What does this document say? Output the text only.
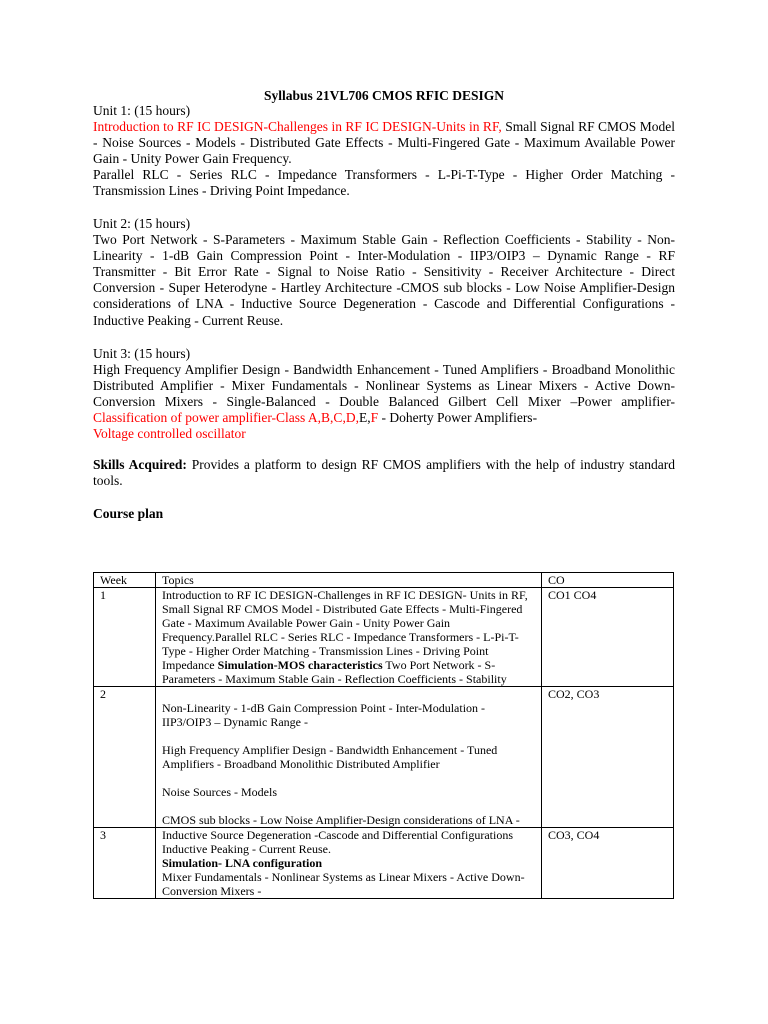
Syllabus 21VL706 CMOS RFIC DESIGN
Unit 1: (15 hours)

Introduction to RF IC DESIGN-Challenges in RF IC DESIGN-Units in RF, Small Signal RF CMOS Model - Noise Sources - Models - Distributed Gate Effects - Multi-Fingered Gate - Maximum Available Power Gain - Unity Power Gain Frequency.

Parallel RLC - Series RLC - Impedance Transformers - L-Pi-T-Type - Higher Order Matching - Transmission Lines - Driving Point Impedance.

Unit 2: (15 hours)

Two Port Network - S-Parameters - Maximum Stable Gain - Reflection Coefficients - Stability - Non-Linearity - 1-dB Gain Compression Point - Inter-Modulation - IIP3/OIP3 – Dynamic Range - RF Transmitter - Bit Error Rate - Signal to Noise Ratio - Sensitivity - Receiver Architecture - Direct Conversion - Super Heterodyne - Hartley Architecture -CMOS sub blocks - Low Noise Amplifier-Design considerations of LNA - Inductive Source Degeneration - Cascode and Differential Configurations - Inductive Peaking - Current Reuse.

Unit 3: (15 hours)

High Frequency Amplifier Design - Bandwidth Enhancement - Tuned Amplifiers - Broadband Monolithic Distributed Amplifier - Mixer Fundamentals - Nonlinear Systems as Linear Mixers - Active Down-Conversion Mixers - Single-Balanced - Double Balanced Gilbert Cell Mixer –Power amplifier-Classification of power amplifier-Class A,B,C,D,E,F - Doherty Power Amplifiers-
Voltage controlled oscillator

Skills Acquired: Provides a platform to design RF CMOS amplifiers with the help of industry standard tools.
Course plan
Week	Topics	CO
1	Introduction to RF IC DESIGN-Challenges in RF IC DESIGN- Units in RF, Small Signal RF CMOS Model - Distributed Gate Effects - Multi-Fingered Gate - Maximum Available Power Gain - Unity Power Gain Frequency.Parallel RLC - Series RLC - Impedance Transformers - L-Pi-T-Type - Higher Order Matching - Transmission Lines - Driving Point Impedance Simulation-MOS characteristics Two Port Network - S-Parameters - Maximum Stable Gain - Reflection Coefficients - Stability	CO1 CO4
2	Non-Linearity - 1-dB Gain Compression Point - Inter-Modulation - IIP3/OIP3 – Dynamic Range -
High Frequency Amplifier Design - Bandwidth Enhancement - Tuned Amplifiers - Broadband Monolithic Distributed Amplifier
Noise Sources - Models
CMOS sub blocks - Low Noise Amplifier-Design considerations of LNA -	CO2, CO3
3	Inductive Source Degeneration -Cascode and Differential Configurations Inductive Peaking - Current Reuse.
Simulation- LNA configuration
Mixer Fundamentals - Nonlinear Systems as Linear Mixers - Active Down-Conversion Mixers -	CO3, CO4
